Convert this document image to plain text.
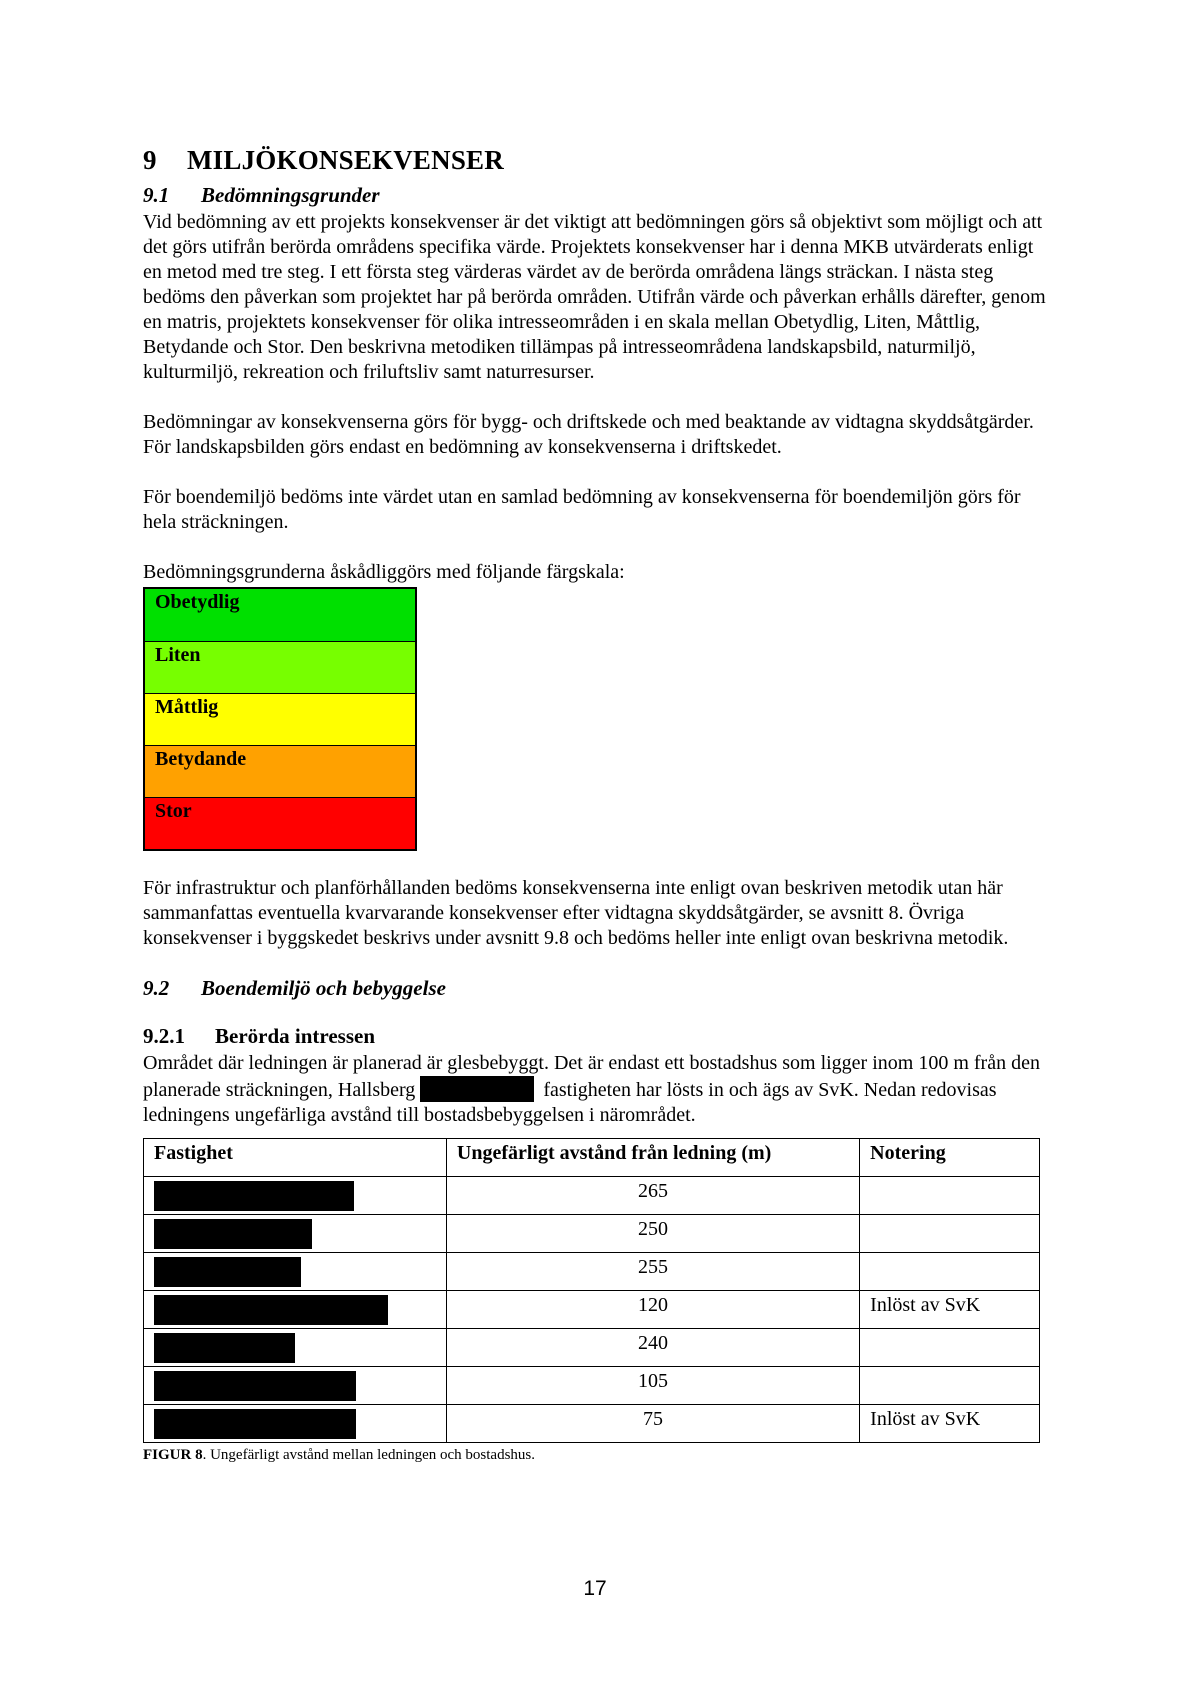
9 MILJÖKONSEKVENSER
9.1 Bedömningsgrunder

Vid bedömning av ett projekts konsekvenser är det viktigt att bedömningen görs så objektivt som möjligt och att det görs utifrån berörda områdens specifika värde. Projektets konsekvenser har i denna MKB utvärderats enligt en metod med tre steg. I ett första steg värderas värdet av de berörda områdena längs sträckan. I nästa steg bedöms den påverkan som projektet har på berörda områden. Utifrån värde och påverkan erhålls därefter, genom en matris, projektets konsekvenser för olika intresseområden i en skala mellan Obetydlig, Liten, Måttlig, Betydande och Stor. Den beskrivna metodiken tillämpas på intresseområdena landskapsbild, naturmiljö, kulturmiljö, rekreation och friluftsliv samt naturresurser.

Bedömningar av konsekvenserna görs för bygg- och driftskede och med beaktande av vidtagna skyddsåtgärder. För landskapsbilden görs endast en bedömning av konsekvenserna i driftskedet.

För boendemiljö bedöms inte värdet utan en samlad bedömning av konsekvenserna för boendemiljön görs för hela sträckningen.

Bedömningsgrunderna åskådliggörs med följande färgskala:

Obetydlig
Liten
Måttlig
Betydande
Stor

För infrastruktur och planförhållanden bedöms konsekvenserna inte enligt ovan beskriven metodik utan här sammanfattas eventuella kvarvarande konsekvenser efter vidtagna skyddsåtgärder, se avsnitt 8. Övriga konsekvenser i byggskedet beskrivs under avsnitt 9.8 och bedöms heller inte enligt ovan beskrivna metodik.

9.2 Boendemiljö och bebyggelse
9.2.1 Berörda intressen

Området där ledningen är planerad är glesbebyggt. Det är endast ett bostadshus som ligger inom 100 m från den planerade sträckningen, Hallsberg	fastigheten har lösts in och ägs av SvK. Nedan redovisas ledningens ungefärliga avstånd till bostadsbebyggelsen i närområdet.

Fastighet	Ungefärligt avstånd från ledning (m)	Notering

	265	

	250	

	255	

	120	Inlöst av SvK

	240	

	105	

	75	Inlöst av SvK
FIGUR 8. Ungefärligt avstånd mellan ledningen och bostadshus.
17
